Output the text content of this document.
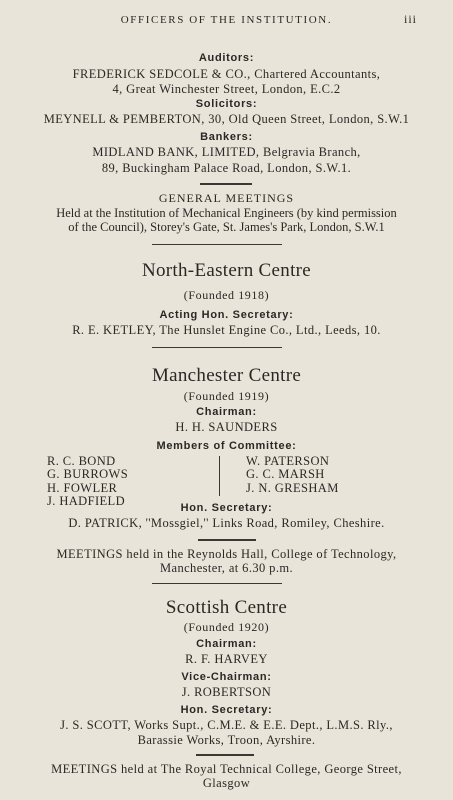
OFFICERS OF THE INSTITUTION.	iii
Auditors:
FREDERICK SEDCOLE & CO., Chartered Accountants,
4, Great Winchester Street, London, E.C.2
Solicitors:
MEYNELL & PEMBERTON, 30, Old Queen Street, London, S.W.1
Bankers:
MIDLAND BANK, LIMITED, Belgravia Branch,
89, Buckingham Palace Road, London, S.W.1.
GENERAL MEETINGS
Held at the Institution of Mechanical Engineers (by kind permission
of the Council), Storey's Gate, St. James's Park, London, S.W.1
North-Eastern Centre
(Founded 1918)
Acting Hon. Secretary:
R. E. KETLEY, The Hunslet Engine Co., Ltd., Leeds, 10.
Manchester Centre
(Founded 1919)
Chairman:
H. H. SAUNDERS
Members of Committee:
R. C. BOND
G. BURROWS
H. FOWLER
J. HADFIELD
W. PATERSON
G. C. MARSH
J. N. GRESHAM
Hon. Secretary:
D. PATRICK, ''Mossgiel,'' Links Road, Romiley, Cheshire.
MEETINGS held in the Reynolds Hall, College of Technology,
Manchester, at 6.30 p.m.
Scottish Centre
(Founded 1920)
Chairman:
R. F. HARVEY
Vice-Chairman:
J. ROBERTSON
Hon. Secretary:
J. S. SCOTT, Works Supt., C.M.E. & E.E. Dept., L.M.S. Rly.,
Barassie Works, Troon, Ayrshire.
MEETINGS held at The Royal Technical College, George Street,
Glasgow
